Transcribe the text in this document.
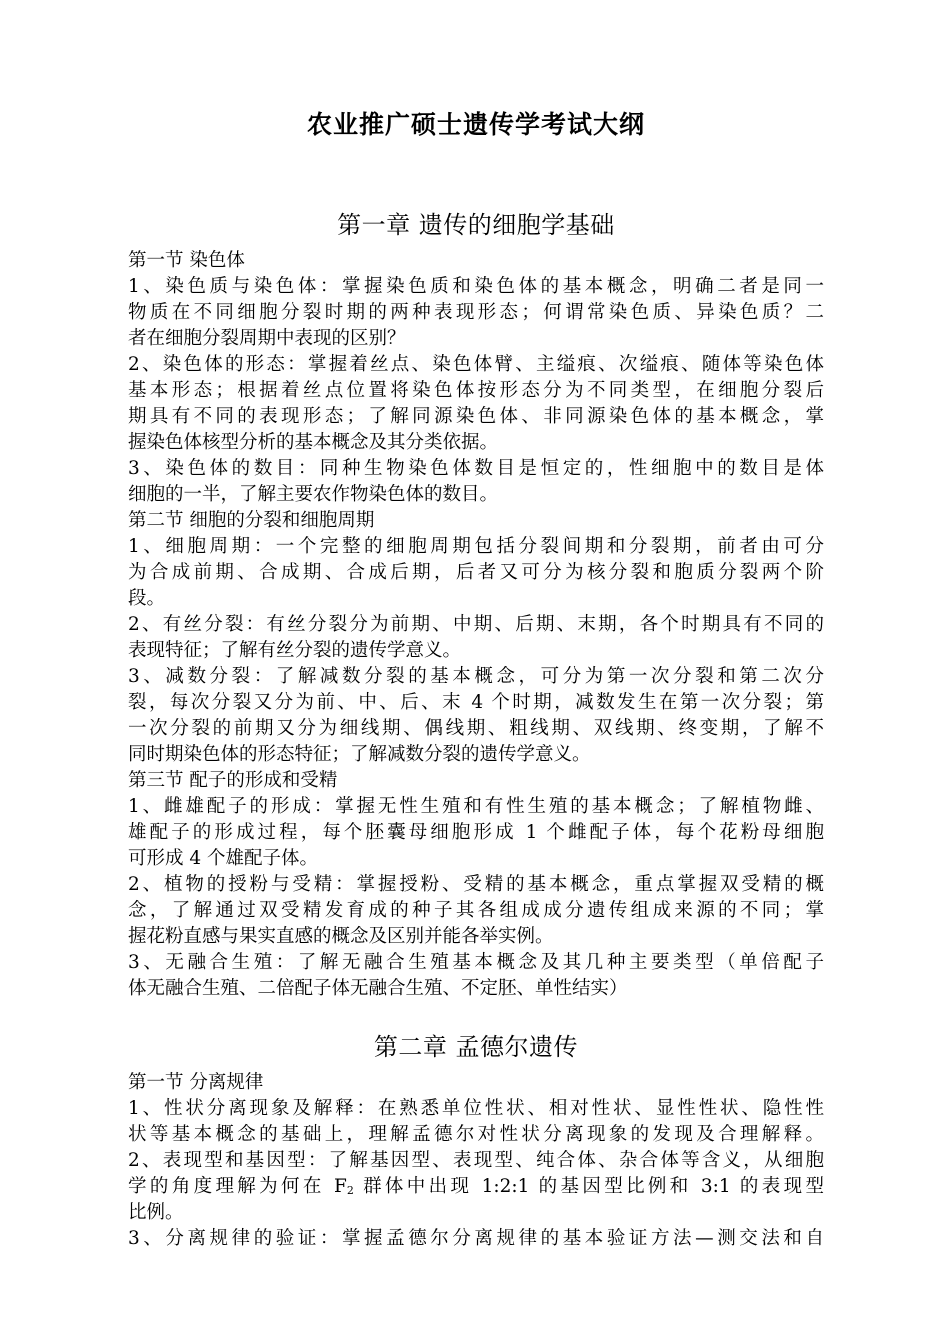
农业推广硕士遗传学考试大纲
第一章 遗传的细胞学基础
第一节 染色体
1、染色质与染色体：掌握染色质和染色体的基本概念，明确二者是同一
物质在不同细胞分裂时期的两种表现形态；何谓常染色质、异染色质？二
者在细胞分裂周期中表现的区别？
2、染色体的形态：掌握着丝点、染色体臂、主缢痕、次缢痕、随体等染色体
基本形态；根据着丝点位置将染色体按形态分为不同类型，在细胞分裂后
期具有不同的表现形态；了解同源染色体、非同源染色体的基本概念，掌
握染色体核型分析的基本概念及其分类依据。
3、染色体的数目：同种生物染色体数目是恒定的，性细胞中的数目是体
细胞的一半，了解主要农作物染色体的数目。
第二节 细胞的分裂和细胞周期
1、细胞周期：一个完整的细胞周期包括分裂间期和分裂期，前者由可分
为合成前期、合成期、合成后期，后者又可分为核分裂和胞质分裂两个阶
段。
2、有丝分裂：有丝分裂分为前期、中期、后期、末期，各个时期具有不同的
表现特征；了解有丝分裂的遗传学意义。
3、减数分裂：了解减数分裂的基本概念，可分为第一次分裂和第二次分
裂，每次分裂又分为前、中、后、末 4 个时期，减数发生在第一次分裂；第
一次分裂的前期又分为细线期、偶线期、粗线期、双线期、终变期，了解不
同时期染色体的形态特征；了解减数分裂的遗传学意义。
第三节 配子的形成和受精
1、雌雄配子的形成：掌握无性生殖和有性生殖的基本概念；了解植物雌、
雄配子的形成过程，每个胚囊母细胞形成 1 个雌配子体，每个花粉母细胞
可形成 4 个雄配子体。
2、植物的授粉与受精：掌握授粉、受精的基本概念，重点掌握双受精的概
念，了解通过双受精发育成的种子其各组成成分遗传组成来源的不同；掌
握花粉直感与果实直感的概念及区别并能各举实例。
3、无融合生殖：了解无融合生殖基本概念及其几种主要类型（单倍配子
体无融合生殖、二倍配子体无融合生殖、不定胚、单性结实）
第二章 孟德尔遗传
第一节 分离规律
1、性状分离现象及解释：在熟悉单位性状、相对性状、显性性状、隐性性
状等基本概念的基础上，理解孟德尔对性状分离现象的发现及合理解释。
2、表现型和基因型：了解基因型、表现型、纯合体、杂合体等含义，从细胞
学的角度理解为何在 $F_2$ 群体中出现 1:2:1 的基因型比例和 3:1 的表现型
比例。
3、分离规律的验证：掌握孟德尔分离规律的基本验证方法—测交法和自
